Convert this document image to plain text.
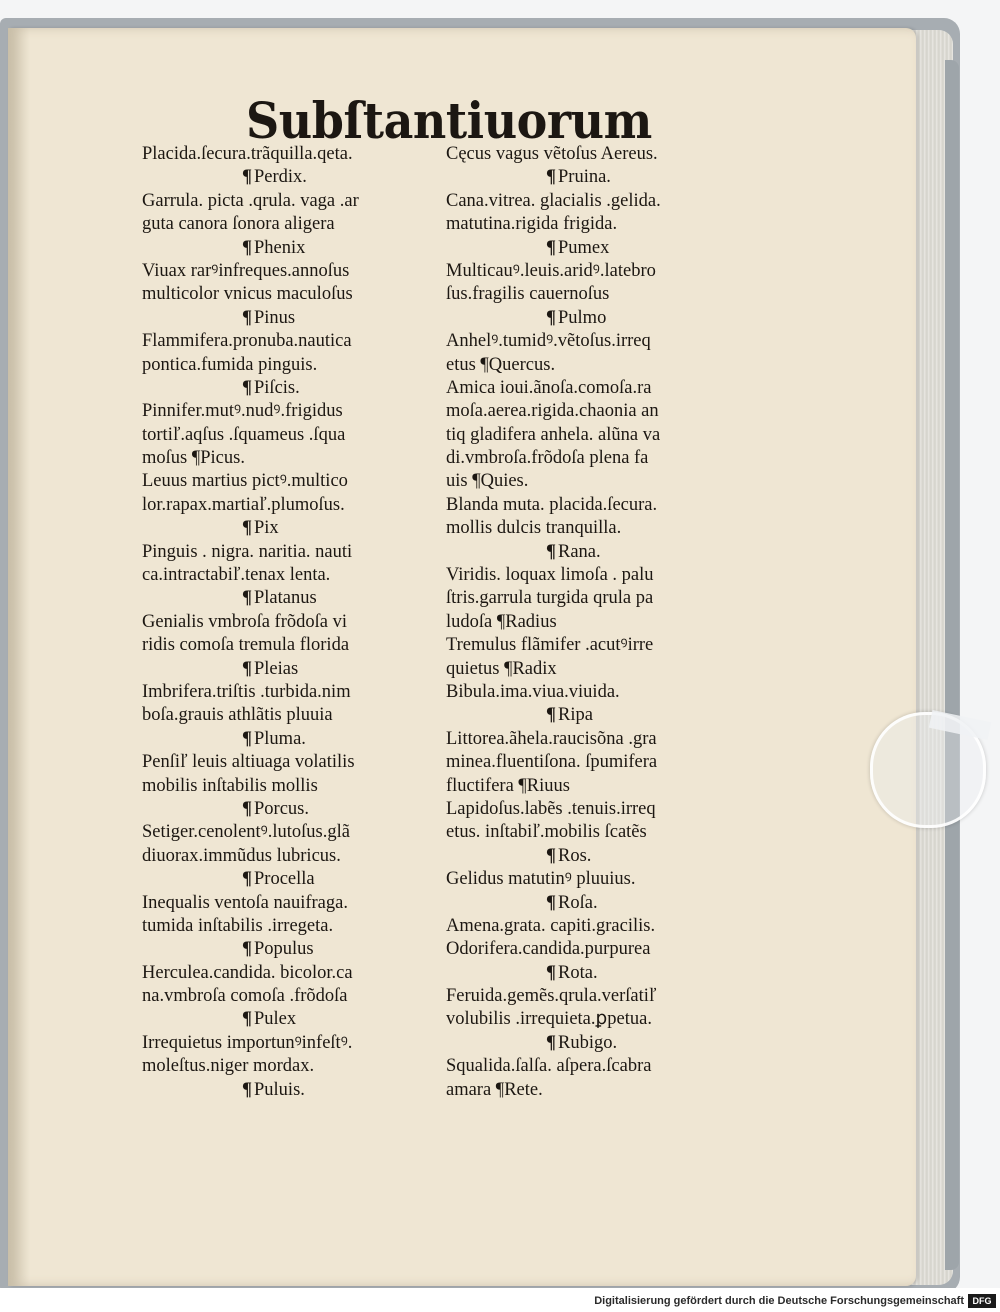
Subſtantiuorum
Placida.ſecura.trãquilla.qeta.
¶ Perdix.
Garrula. picta .qrula. vaga .ar
guta canora ſonora aligera
¶ Phenix
Viuax rarꝰinfreques.annoſus
multicolor vnicus maculoſus
¶ Pinus
Flammifera.pronuba.nautica
pontica.fumida pinguis.
¶ Piſcis.
Pinnifer.mutꝰ.nudꝰ.frigidus
tortiľ.aqſus .ſquameus .ſqua
moſus ¶Picus.
Leuus martius pictꝰ.multico
lor.rapax.martiaľ.plumoſus.
¶ Pix
Pinguis . nigra. naritia. nauti
ca.intractabiľ.tenax lenta.
¶ Platanus
Genialis vmbroſa frõdoſa vi
ridis comoſa tremula florida
¶ Pleias
Imbrifera.triſtis .turbida.nim
boſa.grauis athlãtis pluuia
¶ Pluma.
Penſiľ leuis altiuaga volatilis
mobilis inſtabilis mollis
¶ Porcus.
Setiger.cenolentꝰ.lutoſus.glã
diuorax.immũdus lubricus.
¶ Procella
Inequalis ventoſa nauifraga.
tumida inſtabilis .irregeta.
¶ Populus
Herculea.candida. bicolor.ca
na.vmbroſa comoſa .frõdoſa
¶ Pulex
Irrequietus importunꝰinfeſtꝰ.
moleſtus.niger mordax.
¶ Puluis.
Cęcus vagus vẽtoſus Aereus.
¶ Pruina.
Cana.vitrea. glacialis .gelida.
matutina.rigida frigida.
¶ Pumex
Multicauꝰ.leuis.aridꝰ.latebro
ſus.fragilis cauernoſus
¶ Pulmo
Anhelꝰ.tumidꝰ.vẽtoſus.irreq
etus ¶Quercus.
Amica ioui.ãnoſa.comoſa.ra
moſa.aerea.rigida.chaonia an
tiq gladifera anhela. alũna va
di.vmbroſa.frõdoſa plena fa
uis ¶Quies.
Blanda muta. placida.ſecura.
mollis dulcis tranquilla.
¶ Rana.
Viridis. loquax limoſa . palu
ſtris.garrula turgida qrula pa
ludoſa ¶Radius
Tremulus flãmifer .acutꝰirre
quietus ¶Radix
Bibula.ima.viua.viuida.
¶ Ripa
Littorea.ãhela.raucisõna .gra
minea.fluentiſona. ſpumifera
fluctifera ¶Riuus
Lapidoſus.labẽs .tenuis.irreq
etus. inſtabiľ.mobilis ſcatẽs
¶ Ros.
Gelidus matutinꝰ pluuius.
¶ Roſa.
Amena.grata. capiti.gracilis.
Odorifera.candida.purpurea
¶ Rota.
Feruida.gemẽs.qrula.verſatiľ
volubilis .irrequieta.ꝑpetua.
¶ Rubigo.
Squalida.ſalſa. aſpera.ſcabra
amara ¶Rete.
Digitalisierung gefördert durch die Deutsche Forschungsgemeinschaft DFG
